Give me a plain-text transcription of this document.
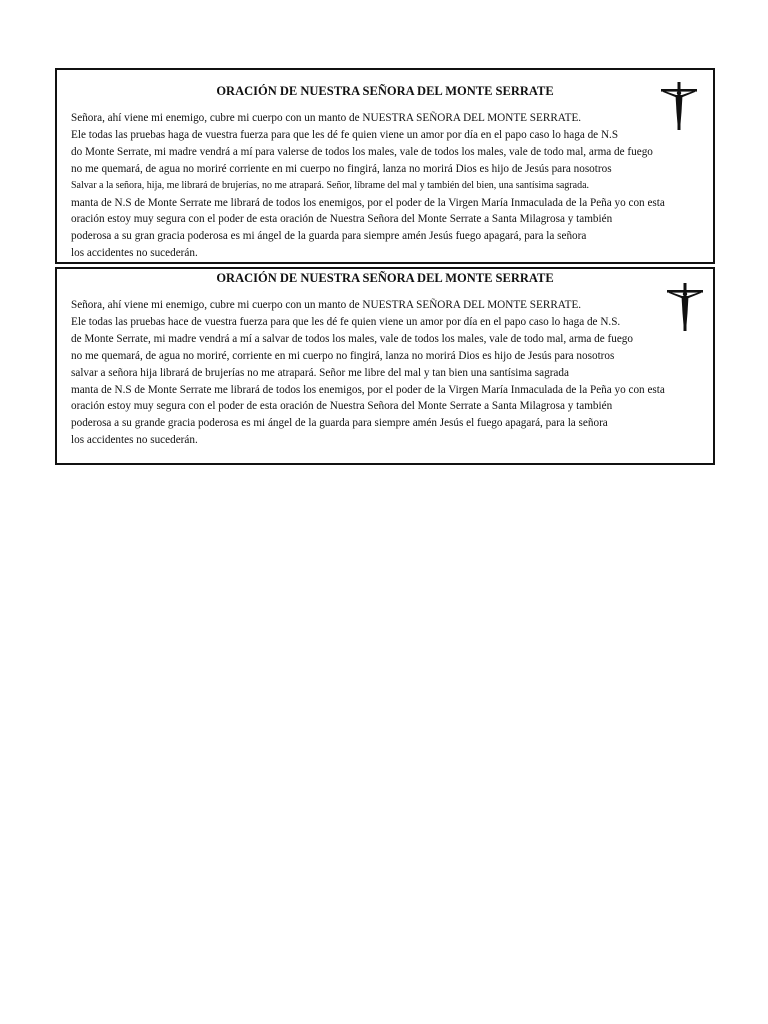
ORACIÓN DE NUESTRA SEÑORA DEL MONTE SERRATE
Señora, ahí viene mi enemigo, cubre mi cuerpo con un manto de NUESTRA SEÑORA DEL MONTE SERRATE.
Ele todas las pruebas haga de vuestra fuerza para que les dé fe quien viene un amor por día en el papo caso lo haga de N.S
do Monte Serrate, mi madre vendrá a mí para valerse de todos los males, vale de todos los males, vale de todo mal, arma de fuego
no me quemará, de agua no moriré corriente en mi cuerpo no fingirá, lanza no morirá Dios es hijo de Jesús para nosotros
Salvar a la señora, hija, me librará de brujerías, no me atrapará. Señor, líbrame del mal y también del bien, una santísima sagrada.
manta de N.S de Monte Serrate me librará de todos los enemigos, por el poder de la Virgen María Inmaculada de la Peña yo con esta
oración estoy muy segura con el poder de esta oración de Nuestra Señora del Monte Serrate a Santa Milagrosa y también
poderosa a su gran gracia poderosa es mi ángel de la guarda para siempre amén Jesús fuego apagará, para la señora
los accidentes no sucederán.
ORACIÓN DE NUESTRA SEÑORA DEL MONTE SERRATE
Señora, ahí viene mi enemigo, cubre mi cuerpo con un manto de NUESTRA SEÑORA DEL MONTE SERRATE.
Ele todas las pruebas hace de vuestra fuerza para que les dé fe quien viene un amor por día en el papo caso lo haga de N.S.
de Monte Serrate, mi madre vendrá a mí a salvar de todos los males, vale de todos los males, vale de todo mal, arma de fuego
no me quemará, de agua no moriré, corriente en mi cuerpo no fingirá, lanza no morirá Dios es hijo de Jesús para nosotros
salvar a señora hija librará de brujerías no me atrapará. Señor me libre del mal y tan bien una santísima sagrada
manta de N.S de Monte Serrate me librará de todos los enemigos, por el poder de la Virgen María Inmaculada de la Peña yo con esta
oración estoy muy segura con el poder de esta oración de Nuestra Señora del Monte Serrate a Santa Milagrosa y también
poderosa a su grande gracia poderosa es mi ángel de la guarda para siempre amén Jesús el fuego apagará, para la señora
los accidentes no sucederán.
